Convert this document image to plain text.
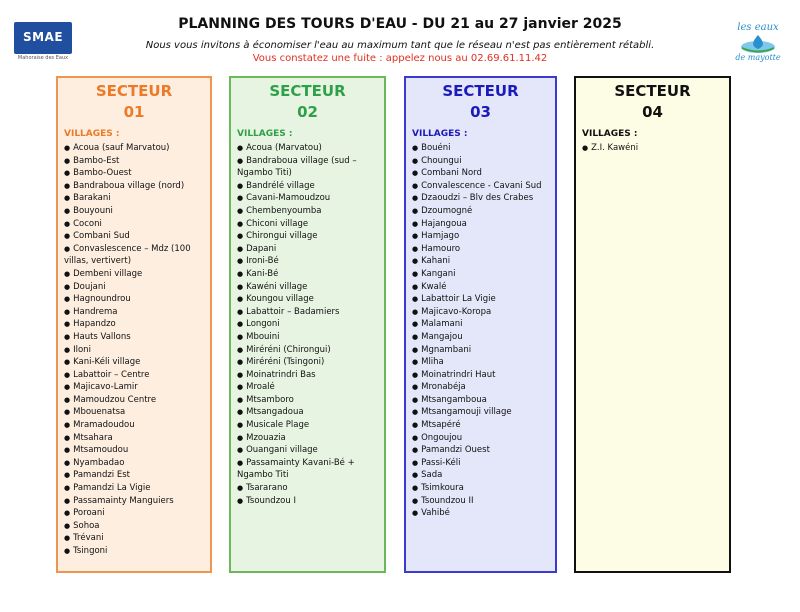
SMAE
Mahoraise des Eaux
les eaux
de mayotte
PLANNING DES TOURS D'EAU - DU 21 au 27 janvier 2025
Nous vous invitons à économiser l'eau au maximum tant que le réseau n'est pas entièrement rétabli.
Vous constatez une fuite : appelez nous au 02.69.61.11.42
SECTEUR
01
VILLAGES :
● Acoua (sauf Marvatou)
● Bambo-Est
● Bambo-Ouest
● Bandraboua village (nord)
● Barakani
● Bouyouni
● Coconi
● Combani Sud
● Convaslescence – Mdz (100 villas, vertivert)
● Dembeni village
● Doujani
● Hagnoundrou
● Handrema
● Hapandzo
● Hauts Vallons
● Iloni
● Kani-Kéli village
● Labattoir – Centre
● Majicavo-Lamir
● Mamoudzou Centre
● Mbouenatsa
● Mramadoudou
● Mtsahara
● Mtsamoudou
● Nyambadao
● Pamandzi Est
● Pamandzi La Vigie
● Passamainty Manguiers
● Poroani
● Sohoa
● Trévani
● Tsingoni
SECTEUR
02
VILLAGES :
● Acoua (Marvatou)
● Bandraboua village (sud – Ngambo Titi)
● Bandrélé village
● Cavani-Mamoudzou
● Chembenyoumba
● Chiconi village
● Chirongui village
● Dapani
● Ironi-Bé
● Kani-Bé
● Kawéni village
● Koungou village
● Labattoir – Badamiers
● Longoni
● Mbouini
● Miréréni (Chirongui)
● Miréréni (Tsingoni)
● Moinatrindri Bas
● Mroalé
● Mtsamboro
● Mtsangadoua
● Musicale Plage
● Mzouazia
● Ouangani village
● Passamainty Kavani-Bé + Ngambo Titi
● Tsararano
● Tsoundzou I
SECTEUR
03
VILLAGES :
● Bouéni
● Choungui
● Combani Nord
● Convalescence - Cavani Sud
● Dzaoudzi – Blv des Crabes
● Dzoumogné
● Hajangoua
● Hamjago
● Hamouro
● Kahani
● Kangani
● Kwalé
● Labattoir La Vigie
● Majicavo-Koropa
● Malamani
● Mangajou
● Mgnambani
● Mliha
● Moinatrindri Haut
● Mronabéja
● Mtsangamboua
● Mtsangamouji village
● Mtsapéré
● Ongoujou
● Pamandzi Ouest
● Passi-Kéli
● Sada
● Tsimkoura
● Tsoundzou II
● Vahibé
SECTEUR
04
VILLAGES :
● Z.I. Kawéni
